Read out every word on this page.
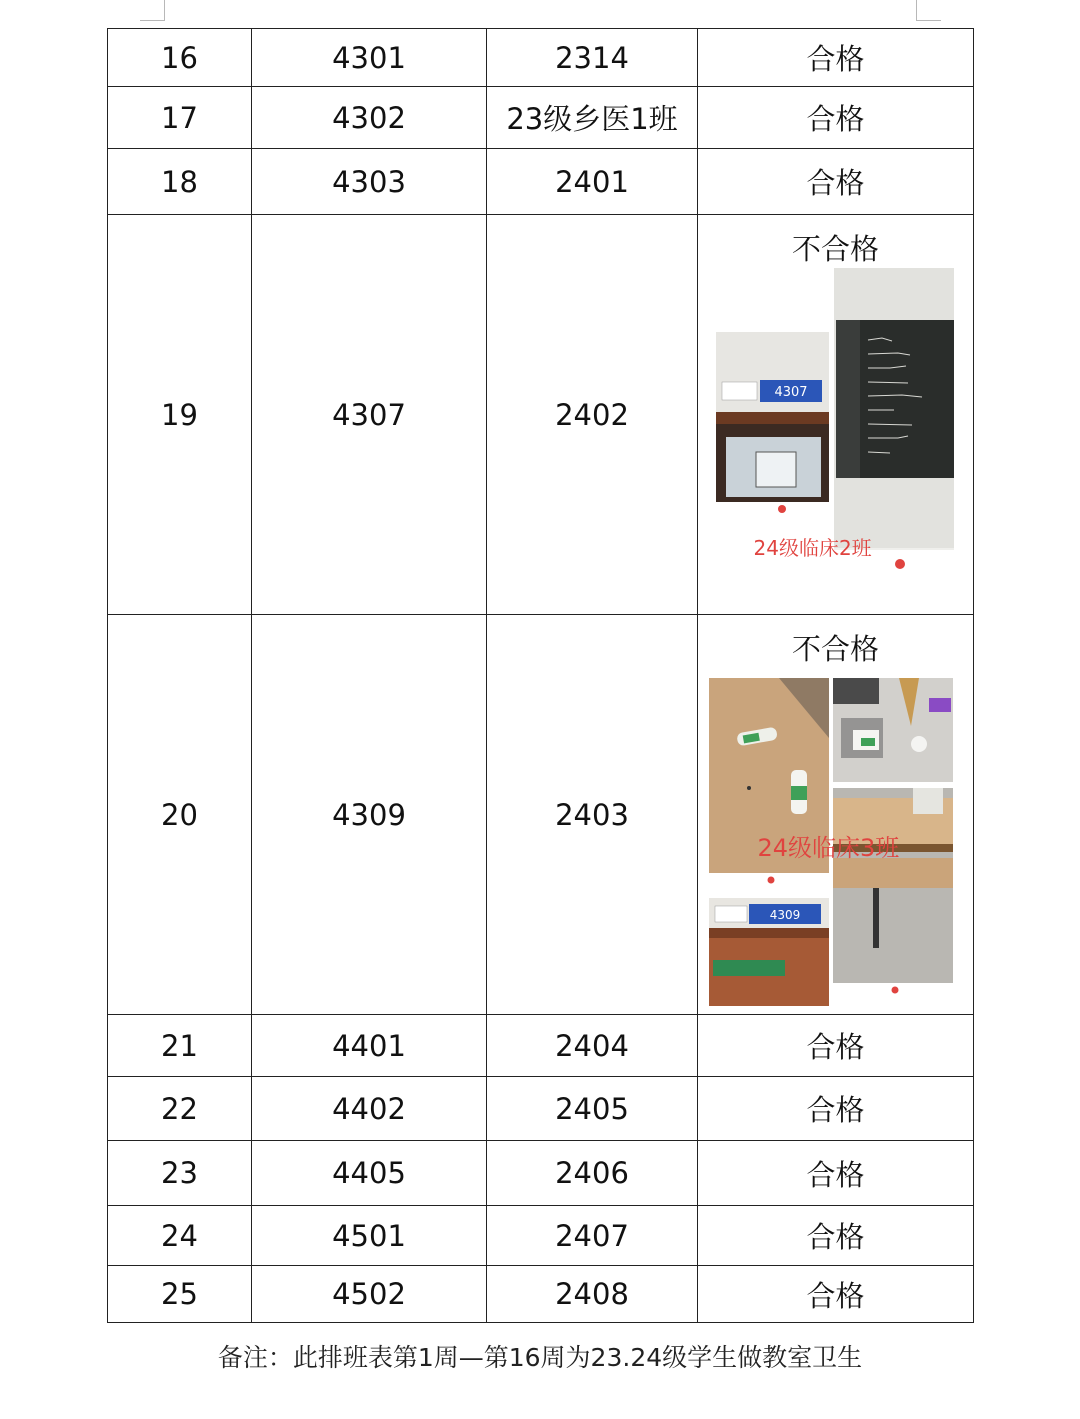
16	4301	2314	合格
17	4302	23级乡医1班	合格
18	4303	2401	合格
19	4307	2402	不合格
4307
24级临床2班

20	4309	2403	不合格
4309
24级临床3班

21	4401	2404	合格
22	4402	2405	合格
23	4405	2406	合格
24	4501	2407	合格
25	4502	2408	合格
备注：此排班表第1周—第16周为23.24级学生做教室卫生
